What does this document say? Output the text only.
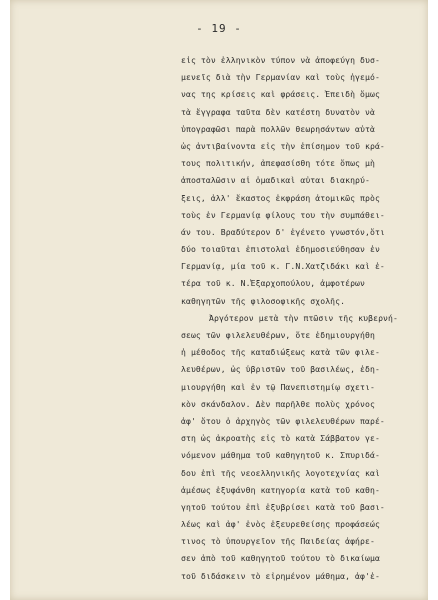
- 19 -
εἰς τὸν ἑλληνικὸν τύπον νὰ ἀποφεύγη δυσ-
μενεῖς διὰ τὴν Γερμανίαν καὶ τοὺς ἡγεμό-
νας της κρίσεις καὶ φράσεις. Ἐπειδὴ ὅμως
τὰ ἔγγραφα ταῦτα δὲν κατέστη δυνατὸν νὰ
ὑπογραφῶσι παρὰ πολλῶν θεωρησάντων αὐτὰ
ὡς ἀντιβαίνοντα εἰς τὴν ἐπίσημον τοῦ κρά-
τους πολιτικήν, ἀπεφασίσθη τότε ὅπως μὴ
ἀποσταλῶσιν αἱ ὁμαδικαὶ αὐται διακηρύ-
ξεις, ἀλλ' ἕκαστος ἐκφράση ἀτομικῶς πρὸς
τοὺς ἐν Γερμανίᾳ φίλους του τὴν συμπάθει-
άν του. Βραδύτερον δ' ἐγένετο γνωστόν,ὅτι
δύο τοιαῦται ἐπιστολαὶ ἐδημοσιεύθησαν ἐν
Γερμανίᾳ, μία τοῦ κ. Γ.Ν.Χατζιδάκι καὶ ἑ-
τέρα τοῦ κ. Ν.Ἐξαρχοπούλου, ἀμφοτέρων
καθηγητῶν τῆς φιλοσοφικῆς σχολῆς.
Ἀργότερον μετὰ τὴν πτῶσιν τῆς κυβερνή-
σεως τῶν φιλελευθέρων, ὅτε ἐδημιουργήθη
ἡ μέθοδος τῆς καταδιώξεως κατὰ τῶν φιλε-
λευθέρων, ὡς ὑβριστῶν τοῦ βασιλέως, ἐδη-
μιουργήθη καὶ ἐν τῷ Πανεπιστημίῳ σχετι-
κὸν σκάνδαλον. Δὲν παρῆλθε πολὺς χρόνος
ἀφ' ὅτου ὁ ἀρχηγὸς τῶν φιλελευθέρων παρέ-
στη ὡς ἀκροατὴς εἰς τὸ κατὰ Σάββατον γε-
νόμενον μάθημα τοῦ καθηγητοῦ κ. Σπυριδά-
δου ἐπὶ τῆς νεοελληνικῆς λογοτεχνίας καὶ
ἀμέσως ἐξυφάνθη κατηγορία κατὰ τοῦ καθη-
γητοῦ τούτου ἐπὶ ἐξυβρίσει κατὰ τοῦ βασι-
λέως καὶ ἀφ' ἑνὸς ἐξευρεθείσης προφάσεώς
τινος τὸ ὑπουργεῖον τῆς Παιδείας ἀφήρε-
σεν ἀπὸ τοῦ καθηγητοῦ τούτου τὸ δικαίωμα
τοῦ διδάσκειν τὸ εἰρημένον μάθημα, ἀφ'ἑ-
